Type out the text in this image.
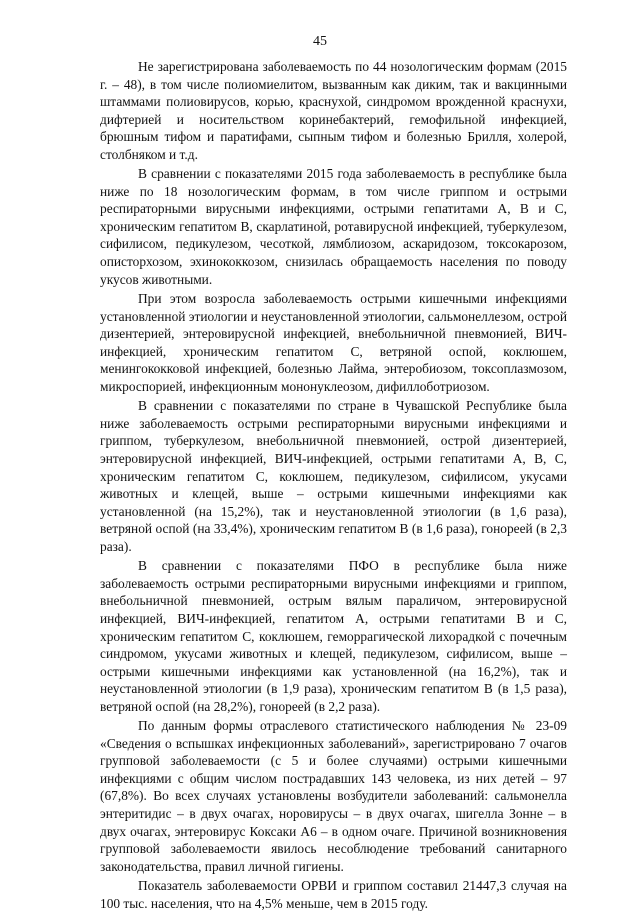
45

Не зарегистрирована заболеваемость по 44 нозологическим формам (2015 г. – 48), в том числе полиомиелитом, вызванным как диким, так и вакцинными штаммами полиовирусов, корью, краснухой, синдромом врожденной краснухи, дифтерией и носительством коринебактерий, гемофильной инфекцией, брюшным тифом и паратифами, сыпным тифом и болезнью Брилля, холерой, столбняком и т.д.

В сравнении с показателями 2015 года заболеваемость в республике была ниже по 18 нозологическим формам, в том числе гриппом и острыми респираторными вирусными инфекциями, острыми гепатитами А, В и С, хроническим гепатитом В, скарлатиной, ротавирусной инфекцией, туберкулезом, сифилисом, педикулезом, чесоткой, лямблиозом, аскаридозом, токсокарозом, описторхозом, эхинококкозом, снизилась обращаемость населения по поводу укусов животными.

При этом возросла заболеваемость острыми кишечными инфекциями установленной этиологии и неустановленной этиологии, сальмонеллезом, острой дизентерией, энтеровирусной инфекцией, внебольничной пневмонией, ВИЧ-инфекцией, хроническим гепатитом С, ветряной оспой, коклюшем, менингококковой инфекцией, болезнью Лайма, энтеробиозом, токсоплазмозом, микроспорией, инфекционным мононуклеозом, дифиллоботриозом.

В сравнении с показателями по стране в Чувашской Республике была ниже заболеваемость острыми респираторными вирусными инфекциями и гриппом, туберкулезом, внебольничной пневмонией, острой дизентерией, энтеровирусной инфекцией, ВИЧ-инфекцией, острыми гепатитами А, В, С, хроническим гепатитом С, коклюшем, педикулезом, сифилисом, укусами животных и клещей, выше – острыми кишечными инфекциями как установленной (на 15,2%), так и неустановленной этиологии (в 1,6 раза), ветряной оспой (на 33,4%), хроническим гепатитом В (в 1,6 раза), гонореей (в 2,3 раза).

В сравнении с показателями ПФО в республике была ниже заболеваемость острыми респираторными вирусными инфекциями и гриппом, внебольничной пневмонией, острым вялым параличом, энтеровирусной инфекцией, ВИЧ-инфекцией, гепатитом А, острыми гепатитами В и С, хроническим гепатитом С, коклюшем, геморрагической лихорадкой с почечным синдромом, укусами животных и клещей, педикулезом, сифилисом, выше – острыми кишечными инфекциями как установленной (на 16,2%), так и неустановленной этиологии (в 1,9 раза), хроническим гепатитом В (в 1,5 раза), ветряной оспой (на 28,2%), гонореей (в 2,2 раза).

По данным формы отраслевого статистического наблюдения № 23-09 «Сведения о вспышках инфекционных заболеваний», зарегистрировано 7 очагов групповой заболеваемости (с 5 и более случаями) острыми кишечными инфекциями с общим числом пострадавших 143 человека, из них детей – 97 (67,8%). Во всех случаях установлены возбудители заболеваний: сальмонелла энтеритидис – в двух очагах, норовирусы – в двух очагах, шигелла Зонне – в двух очагах, энтеровирус Коксаки А6 – в одном очаге. Причиной возникновения групповой заболеваемости явилось несоблюдение требований санитарного законодательства, правил личной гигиены.

Показатель заболеваемости ОРВИ и гриппом составил 21447,3 случая на 100 тыс. населения, что на 4,5% меньше, чем в 2015 году.
